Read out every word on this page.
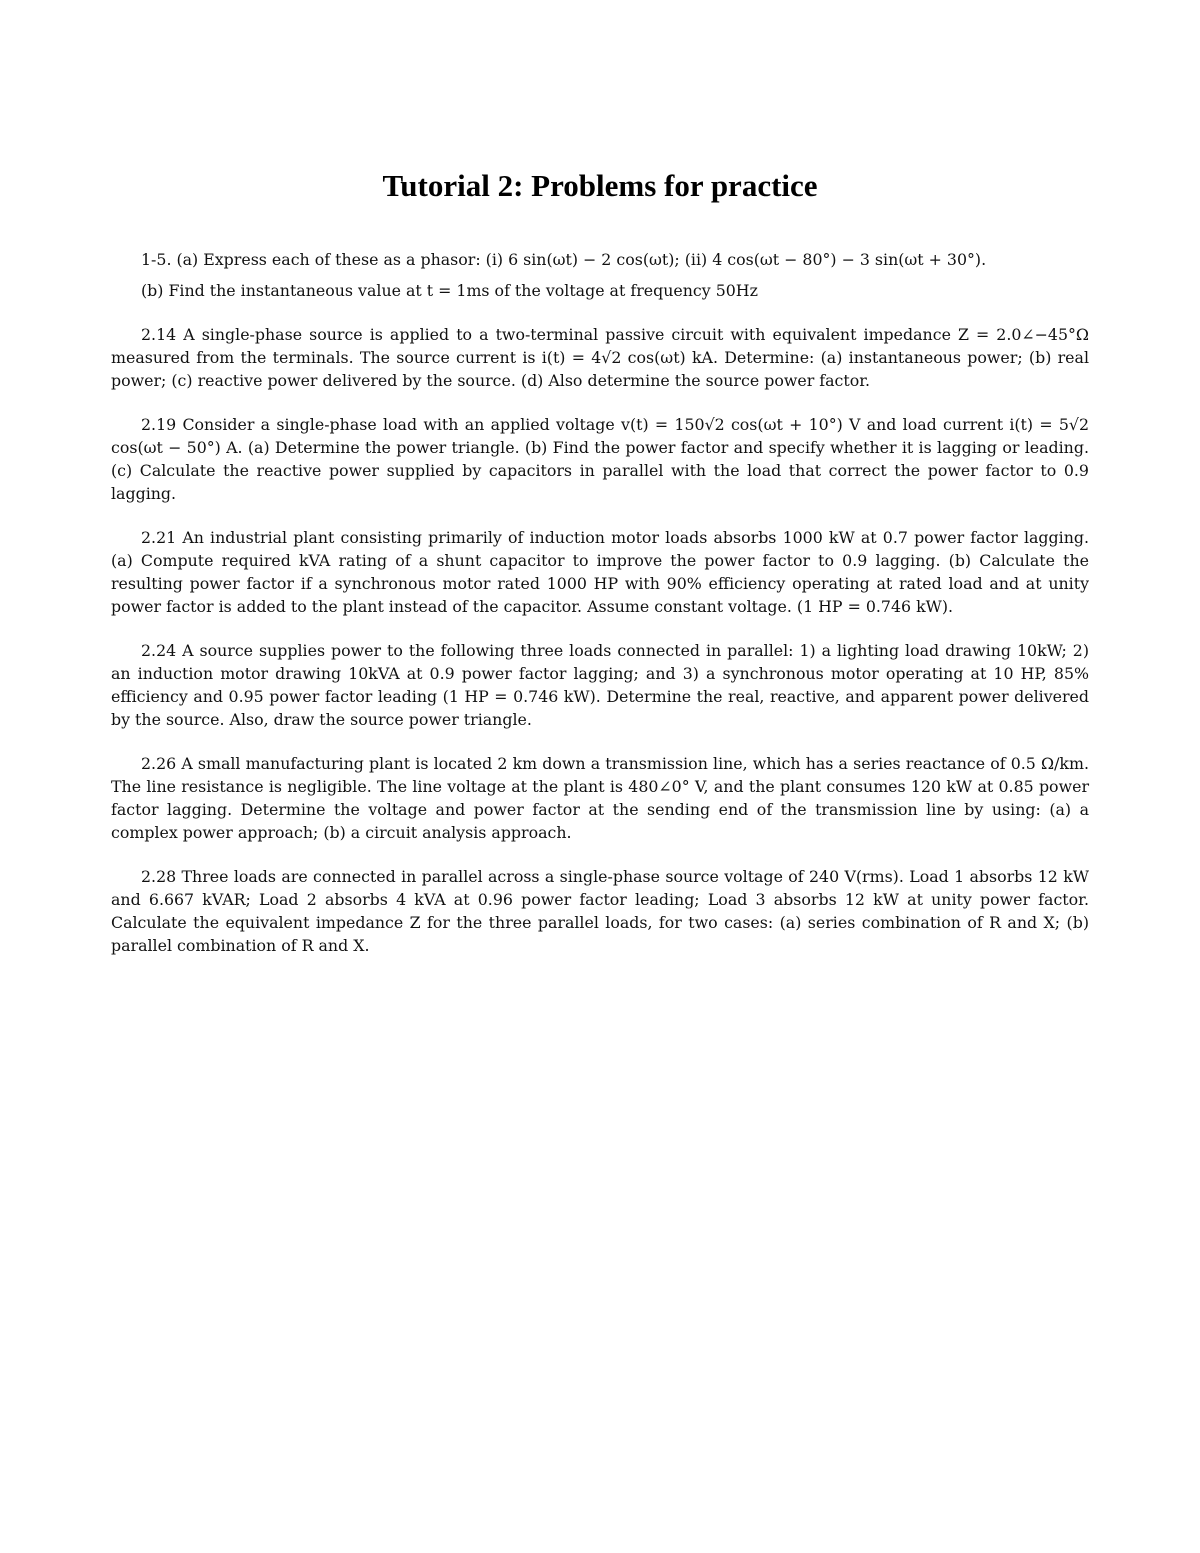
Tutorial 2: Problems for practice

1-5. (a) Express each of these as a phasor: (i) 6 sin(ωt) − 2 cos(ωt); (ii) 4 cos(ωt − 80°) − 3 sin(ωt + 30°).

(b) Find the instantaneous value at t = 1ms of the voltage at frequency 50Hz

2.14 A single-phase source is applied to a two-terminal passive circuit with equivalent impedance Z = 2.0∠−45°Ω measured from the terminals. The source current is i(t) = 4√2 cos(ωt) kA. Determine: (a) instantaneous power; (b) real power; (c) reactive power delivered by the source. (d) Also determine the source power factor.

2.19 Consider a single-phase load with an applied voltage v(t) = 150√2 cos(ωt + 10°) V and load current i(t) = 5√2 cos(ωt − 50°) A. (a) Determine the power triangle. (b) Find the power factor and specify whether it is lagging or leading. (c) Calculate the reactive power supplied by capacitors in parallel with the load that correct the power factor to 0.9 lagging.

2.21 An industrial plant consisting primarily of induction motor loads absorbs 1000 kW at 0.7 power factor lagging. (a) Compute required kVA rating of a shunt capacitor to improve the power factor to 0.9 lagging. (b) Calculate the resulting power factor if a synchronous motor rated 1000 HP with 90% efficiency operating at rated load and at unity power factor is added to the plant instead of the capacitor. Assume constant voltage. (1 HP = 0.746 kW).

2.24 A source supplies power to the following three loads connected in parallel: 1) a lighting load drawing 10kW; 2) an induction motor drawing 10kVA at 0.9 power factor lagging; and 3) a synchronous motor operating at 10 HP, 85% efficiency and 0.95 power factor leading (1 HP = 0.746 kW). Determine the real, reactive, and apparent power delivered by the source. Also, draw the source power triangle.

2.26 A small manufacturing plant is located 2 km down a transmission line, which has a series reactance of 0.5 Ω/km. The line resistance is negligible. The line voltage at the plant is 480∠0° V, and the plant consumes 120 kW at 0.85 power factor lagging. Determine the voltage and power factor at the sending end of the transmission line by using: (a) a complex power approach; (b) a circuit analysis approach.

2.28 Three loads are connected in parallel across a single-phase source voltage of 240 V(rms). Load 1 absorbs 12 kW and 6.667 kVAR; Load 2 absorbs 4 kVA at 0.96 power factor leading; Load 3 absorbs 12 kW at unity power factor. Calculate the equivalent impedance Z for the three parallel loads, for two cases: (a) series combination of R and X; (b) parallel combination of R and X.
